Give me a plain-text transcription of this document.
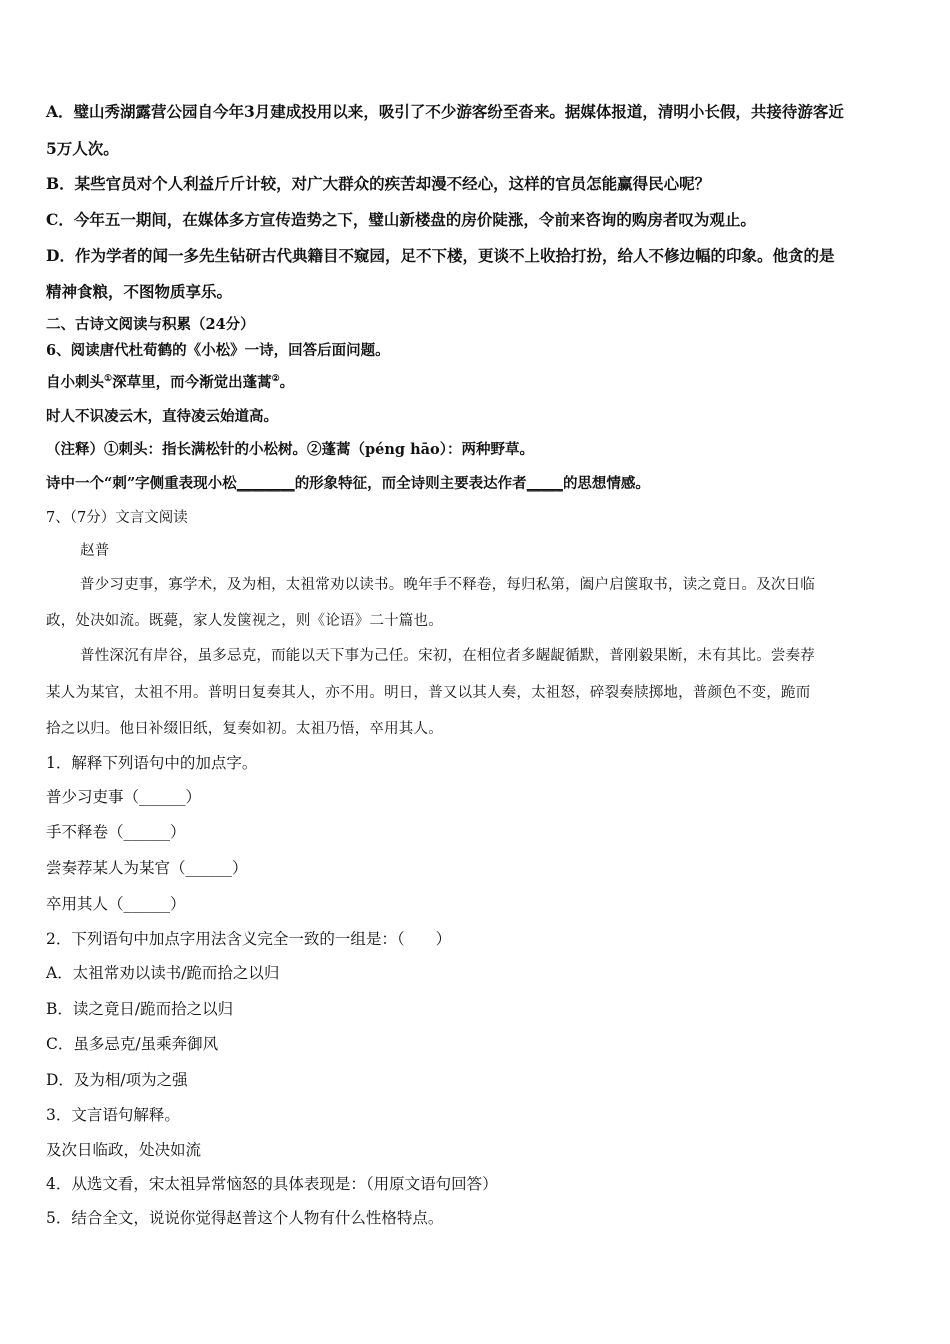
A．璧山秀湖露营公园自今年3月建成投用以来，吸引了不少游客纷至沓来。据媒体报道，清明小长假，共接待游客近
5万人次。
B．某些官员对个人利益斤斤计较，对广大群众的疾苦却漫不经心，这样的官员怎能赢得民心呢？
C．今年五一期间，在媒体多方宣传造势之下，璧山新楼盘的房价陡涨，令前来咨询的购房者叹为观止。
D．作为学者的闻一多先生钻研古代典籍目不窥园，足不下楼，更谈不上收拾打扮，给人不修边幅的印象。他贪的是
精神食粮，不图物质享乐。
二、古诗文阅读与积累（24分）
6、阅读唐代杜荀鹤的《小松》一诗，回答后面问题。
自小刺头①深草里，而今渐觉出蓬蒿②。
时人不识凌云木，直待凌云始道高。
（注释）①刺头：指长满松针的小松树。②蓬蒿（péng hāo）：两种野草。
诗中一个“刺”字侧重表现小松________的形象特征，而全诗则主要表达作者_____的思想情感。
7、（7分）文言文阅读
赵普
普少习吏事，寡学术，及为相，太祖常劝以读书。晚年手不释卷，每归私第，阖户启箧取书，读之竟日。及次日临
政，处决如流。既薨，家人发箧视之，则《论语》二十篇也。
普性深沉有岸谷，虽多忌克，而能以天下事为己任。宋初，在相位者多龌龊循默，普刚毅果断，未有其比。尝奏荐
某人为某官，太祖不用。普明日复奏其人，亦不用。明日，普又以其人奏，太祖怒，碎裂奏牍掷地，普颜色不变，跪而
拾之以归。他日补缀旧纸，复奏如初。太祖乃悟，卒用其人。
1．解释下列语句中的加点字。
普少习吏事（______）
手不释卷（______）
尝奏荐某人为某官（______）
卒用其人（______）
2．下列语句中加点字用法含义完全一致的一组是：（　　）
A．太祖常劝以读书/跪而拾之以归
B．读之竟日/跪而拾之以归
C．虽多忌克/虽乘奔御风
D．及为相/项为之强
3．文言语句解释。
及次日临政，处决如流
4．从选文看，宋太祖异常恼怒的具体表现是：（用原文语句回答）
5．结合全文，说说你觉得赵普这个人物有什么性格特点。
